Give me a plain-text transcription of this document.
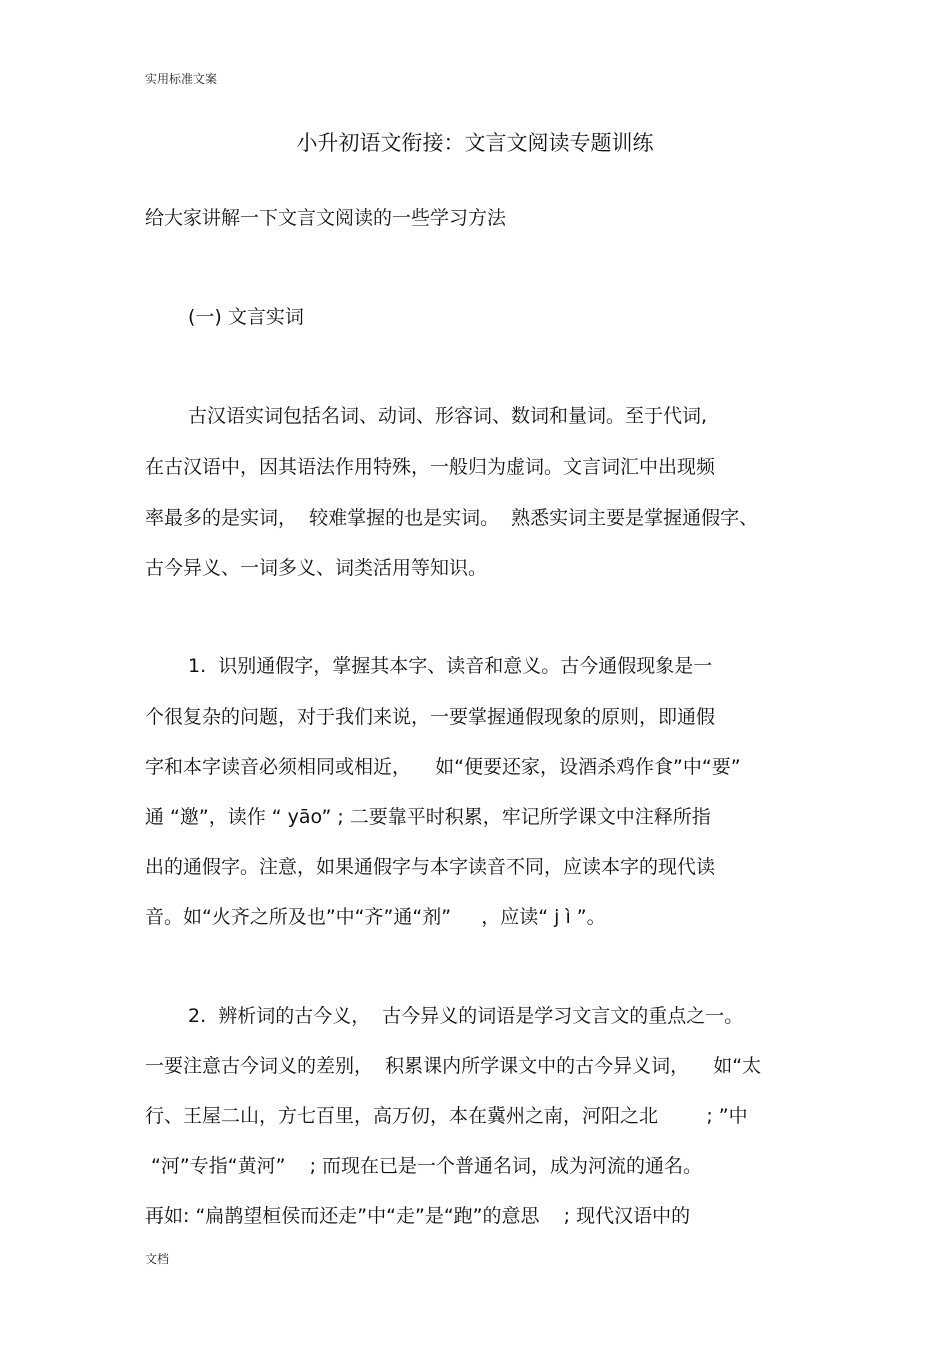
实用标准文案
小升初语文衔接：文言文阅读专题训练
给大家讲解一下文言文阅读的一些学习方法
(一) 文言实词
古汉语实词包括名词、动词、形容词、数词和量词。至于代词,
在古汉语中，因其语法作用特殊，一般归为虚词。文言词汇中出现频
率最多的是实词，  较难掌握的也是实词。  熟悉实词主要是掌握通假字、
古今异义、一词多义、词类活用等知识。
1.  识别通假字，掌握其本字、读音和意义。古今通假现象是一
个很复杂的问题，对于我们来说，一要掌握通假现象的原则，即通假
字和本字读音必须相同或相近，    如“便要还家，设酒杀鸡作食”中“要”
通 “邀”，读作 “ yāo” ; 二要靠平时积累，牢记所学课文中注释所指
出的通假字。注意，如果通假字与本字读音不同，应读本字的现代读
音。如“火齐之所及也”中“齐”通“剂”     ，应读“ j ì ”。
2.  辨析词的古今义，  古今异义的词语是学习文言文的重点之一。
一要注意古今词义的差别，  积累课内所学课文中的古今异义词，    如“太
行、王屋二山，方七百里，高万仞，本在冀州之南，河阳之北        ; ”中
“河”专指“黄河”    ; 而现在已是一个普通名词，成为河流的通名。
再如: “扁鹊望桓侯而还走”中“走”是“跑”的意思    ; 现代汉语中的
文档
